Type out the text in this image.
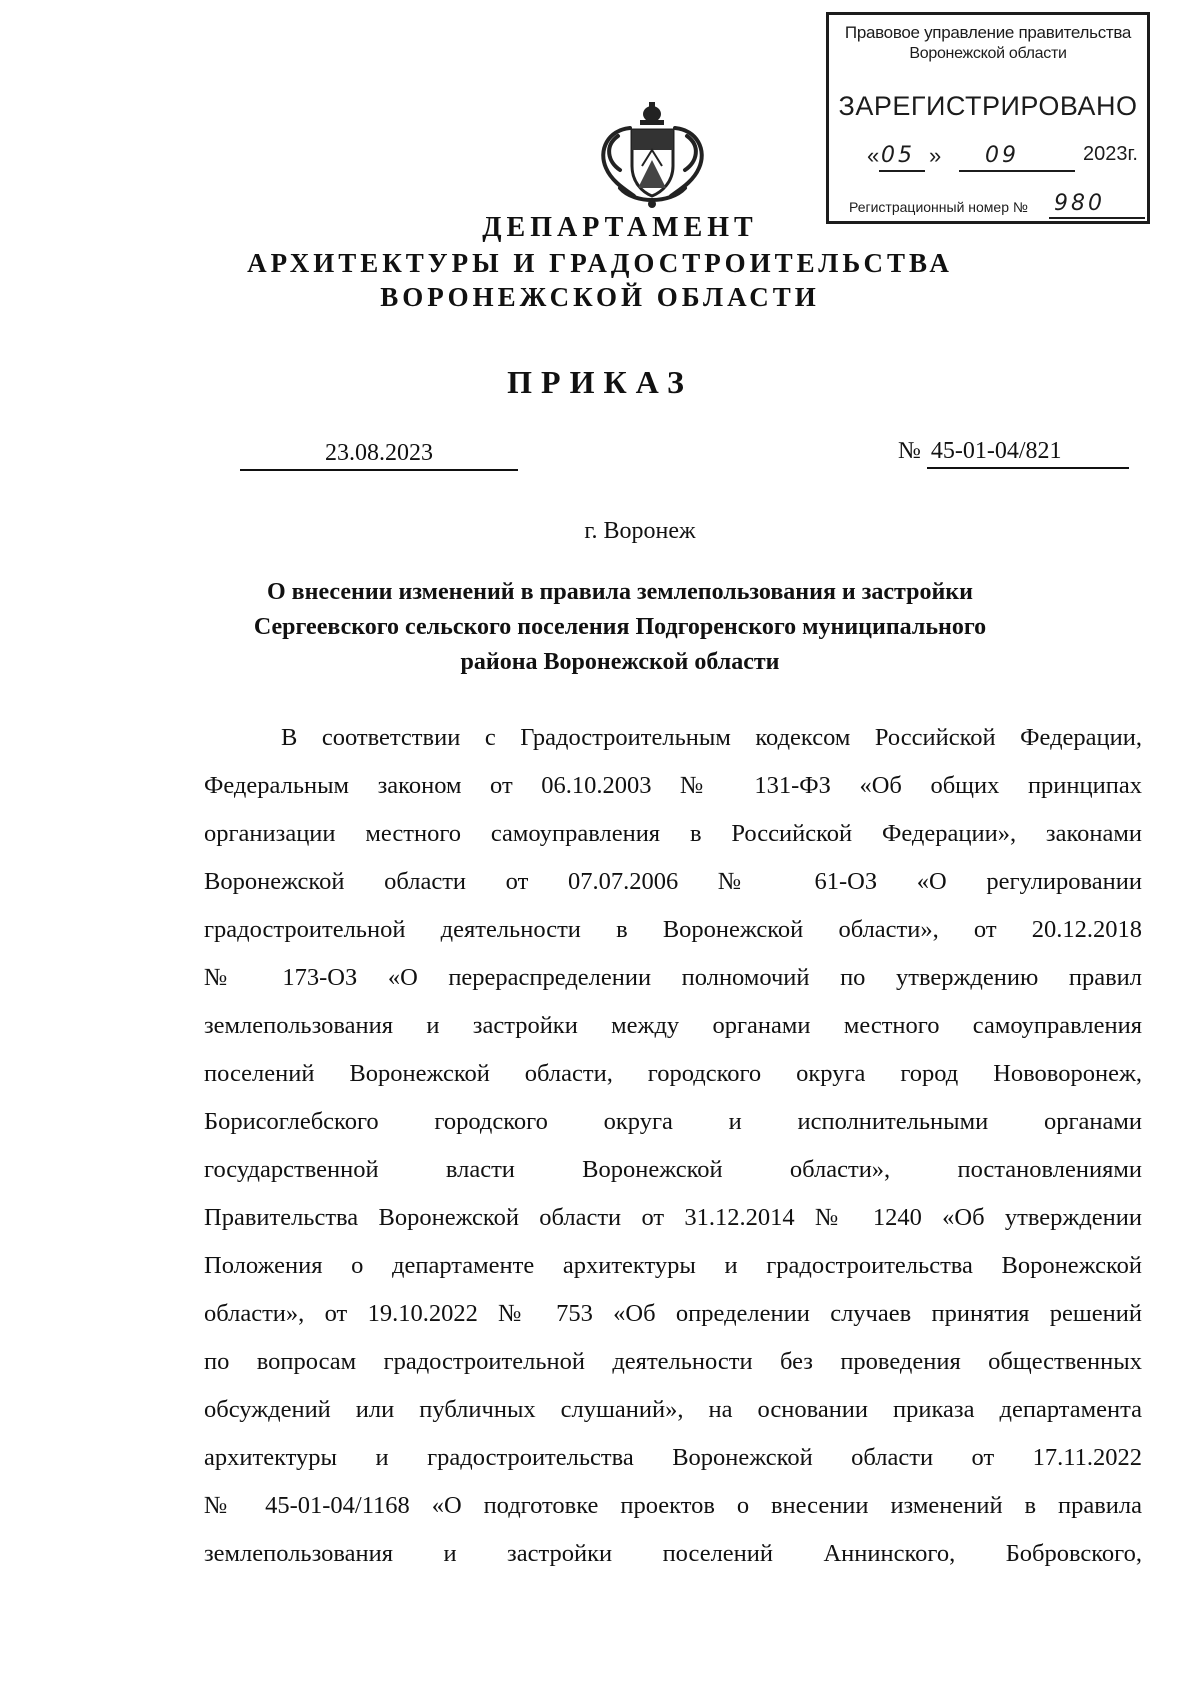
Правовое управление правительства
Воронежской области
ЗАРЕГИСТРИРОВАНО
« 05 » 09	2023г.
Регистрационный номер № 980
ДЕПАРТАМЕНТ
АРХИТЕКТУРЫ И ГРАДОСТРОИТЕЛЬСТВА
ВОРОНЕЖСКОЙ ОБЛАСТИ
ПРИКАЗ
23.08.2023	№ 45-01-04/821
г. Воронеж
О внесении изменений в правила землепользования и застройки
Сергеевского сельского поселения Подгоренского муниципального
района Воронежской области
В соответствии с Градостроительным кодексом Российской Федерации,
Федеральным законом от 06.10.2003 № 131-ФЗ «Об общих принципах
организации местного самоуправления в Российской Федерации», законами
Воронежской области от 07.07.2006 № 61-ОЗ «О регулировании
градостроительной деятельности в Воронежской области», от 20.12.2018
№ 173-ОЗ «О перераспределении полномочий по утверждению правил
землепользования и застройки между органами местного самоуправления
поселений Воронежской области, городского округа город Нововоронеж,
Борисоглебского городского округа и исполнительными органами
государственной власти Воронежской области», постановлениями
Правительства Воронежской области от 31.12.2014 № 1240 «Об утверждении
Положения о департаменте архитектуры и градостроительства Воронежской
области», от 19.10.2022 № 753 «Об определении случаев принятия решений
по вопросам градостроительной деятельности без проведения общественных
обсуждений или публичных слушаний», на основании приказа департамента
архитектуры и градостроительства Воронежской области от 17.11.2022
№ 45-01-04/1168 «О подготовке проектов о внесении изменений в правила
землепользования и застройки поселений Аннинского, Бобровского,
